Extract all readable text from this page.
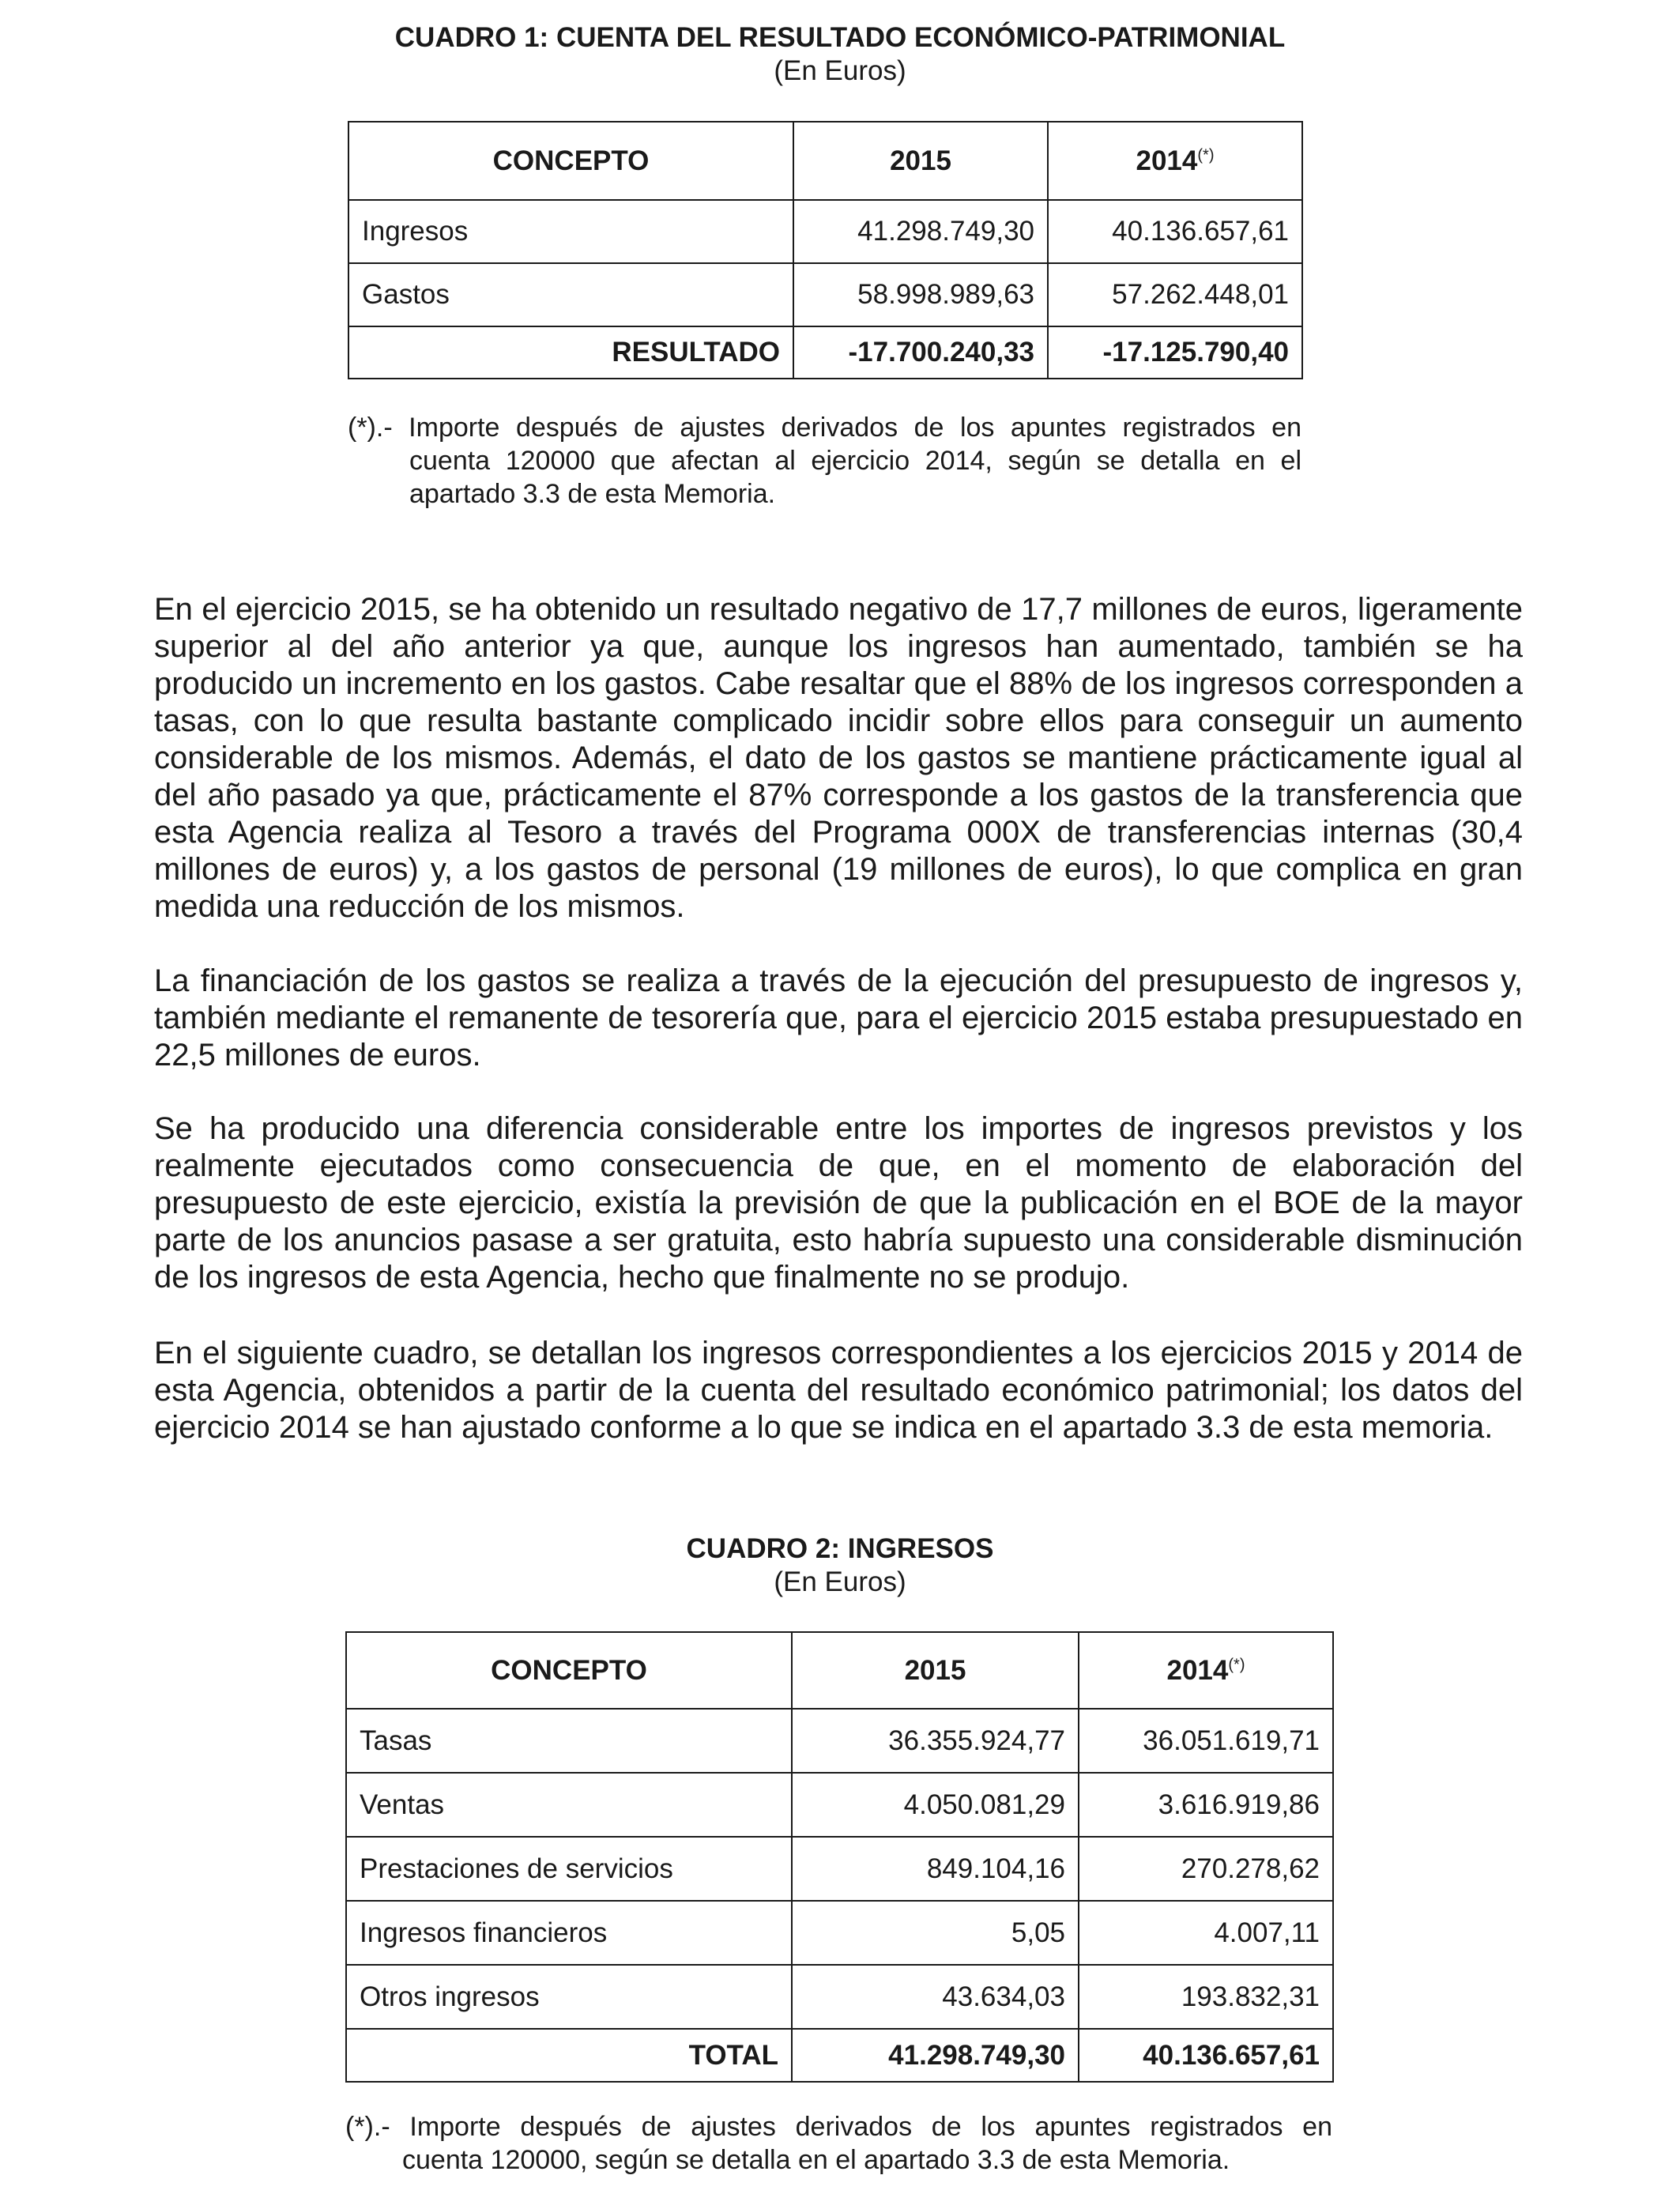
CUADRO 1: CUENTA DEL RESULTADO ECONÓMICO-PATRIMONIAL
(En Euros)
CONCEPTO	2015	2014(*)
Ingresos	41.298.749,30	40.136.657,61
Gastos	58.998.989,63	57.262.448,01
RESULTADO	-17.700.240,33	-17.125.790,40
(*).- Importe después de ajustes derivados de los apuntes registrados en
cuenta 120000 que afectan al ejercicio 2014, según se detalla en el
apartado 3.3 de esta Memoria.

En el ejercicio 2015, se ha obtenido un resultado negativo de 17,7 millones de euros, ligeramente superior al del año anterior ya que, aunque los ingresos han aumentado, también se ha producido un incremento en los gastos. Cabe resaltar que el 88% de los ingresos corresponden a tasas, con lo que resulta bastante complicado incidir sobre ellos para conseguir un aumento considerable de los mismos. Además, el dato de los gastos se mantiene prácticamente igual al del año pasado ya que, prácticamente el 87% corresponde a los gastos de la transferencia que esta Agencia realiza al Tesoro a través del Programa 000X de transferencias internas (30,4 millones de euros) y, a los gastos de personal (19 millones de euros), lo que complica en gran medida una reducción de los mismos.

La financiación de los gastos se realiza a través de la ejecución del presupuesto de ingresos y, también mediante el remanente de tesorería que, para el ejercicio 2015 estaba presupuestado en 22,5 millones de euros.

Se ha producido una diferencia considerable entre los importes de ingresos previstos y los realmente ejecutados como consecuencia de que, en el momento de elaboración del presupuesto de este ejercicio, existía la previsión de que la publicación en el BOE de la mayor parte de los anuncios pasase a ser gratuita, esto habría supuesto una considerable disminución de los ingresos de esta Agencia, hecho que finalmente no se produjo.

En el siguiente cuadro, se detallan los ingresos correspondientes a los ejercicios 2015 y 2014 de esta Agencia, obtenidos a partir de la cuenta del resultado económico patrimonial; los datos del ejercicio 2014 se han ajustado conforme a lo que se indica en el apartado 3.3 de esta memoria.

CUADRO 2: INGRESOS
(En Euros)
CONCEPTO	2015	2014(*)
Tasas	36.355.924,77	36.051.619,71
Ventas	4.050.081,29	3.616.919,86
Prestaciones de servicios	849.104,16	270.278,62
Ingresos financieros	5,05	4.007,11
Otros ingresos	43.634,03	193.832,31
TOTAL	41.298.749,30	40.136.657,61
(*).- Importe después de ajustes derivados de los apuntes registrados en
cuenta 120000, según se detalla en el apartado 3.3 de esta Memoria.
